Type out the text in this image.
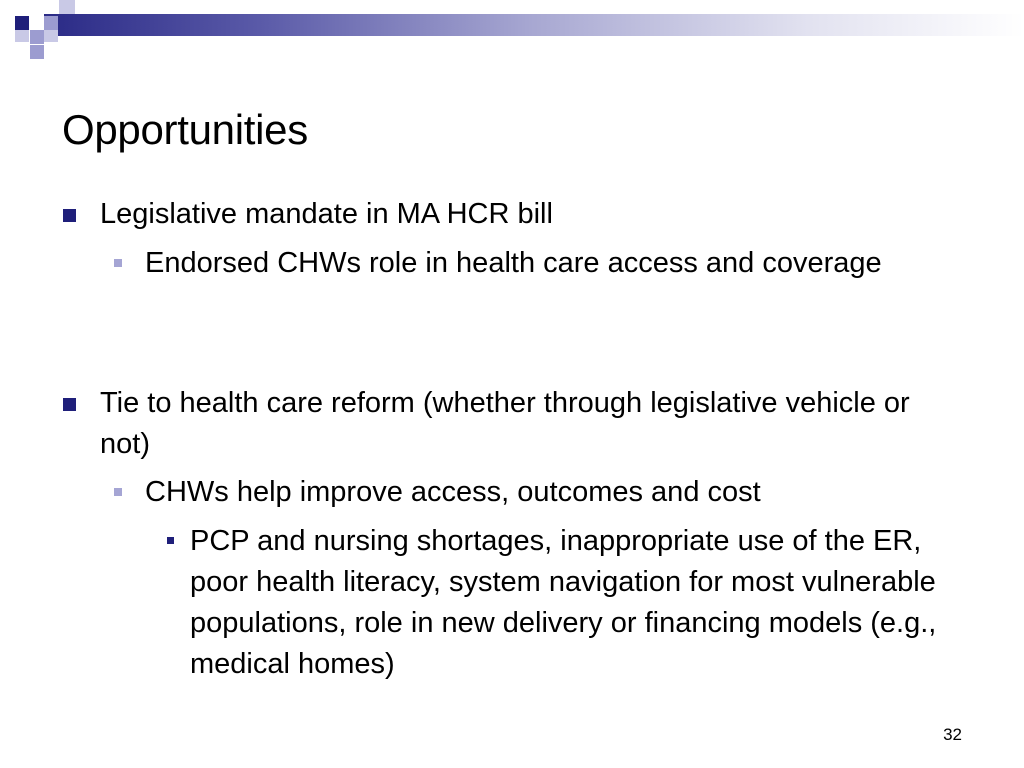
Opportunities
Legislative mandate in MA HCR bill
Endorsed CHWs role in health care access and coverage
Tie to health care reform (whether through legislative vehicle or not)
CHWs help improve access, outcomes and cost
PCP and nursing shortages, inappropriate use of the ER, poor health literacy, system navigation for most vulnerable populations, role in new delivery or financing models (e.g., medical homes)
32
